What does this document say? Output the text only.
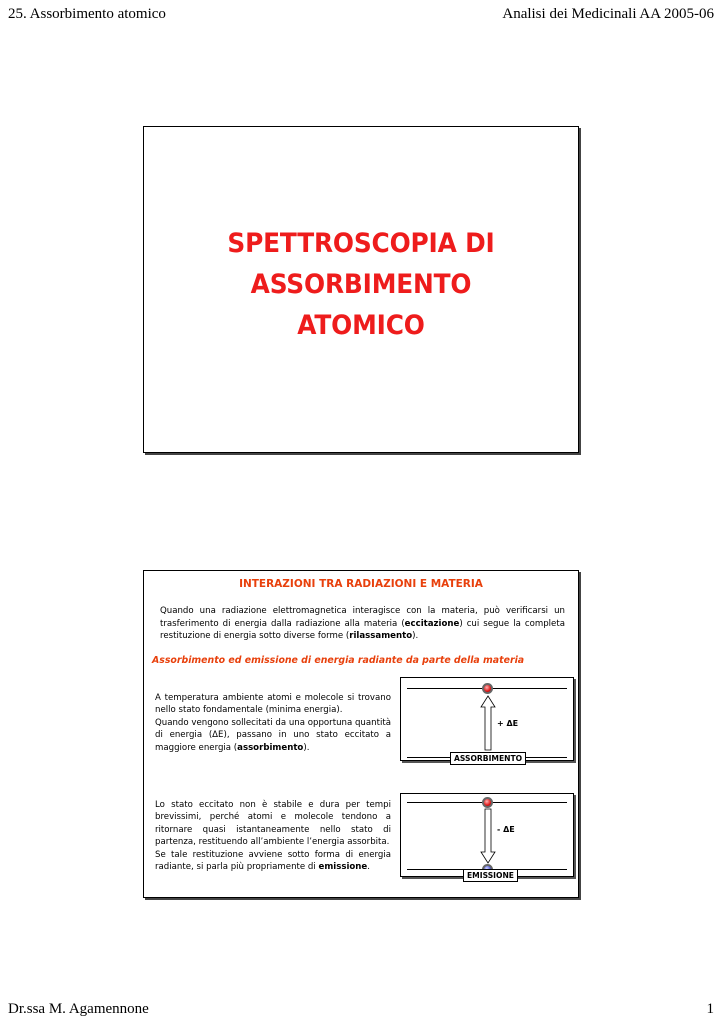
25. Assorbimento atomico	Analisi dei Medicinali AA 2005-06
SPETTROSCOPIA DI
ASSORBIMENTO
ATOMICO
INTERAZIONI TRA RADIAZIONI E MATERIA
Quando una radiazione elettromagnetica interagisce con la materia, può verificarsi un trasferimento di energia dalla radiazione alla materia (eccitazione) cui segue la completa restituzione di energia sotto diverse forme (rilassamento).
Assorbimento ed emissione di energia radiante da parte della materia
A temperatura ambiente atomi e molecole si trovano nello stato fondamentale (minima energia).
Quando vengono sollecitati da una opportuna quantità di energia (ΔE), passano in uno stato eccitato a maggiore energia (assorbimento).
+ ΔE
ASSORBIMENTO
Lo stato eccitato non è stabile e dura per tempi brevissimi, perché atomi e molecole tendono a ritornare quasi istantaneamente nello stato di partenza, restituendo all’ambiente l’energia assorbita.
Se tale restituzione avviene sotto forma di energia radiante, si parla più propriamente di emissione.
- ΔE
EMISSIONE
Dr.ssa M. Agamennone	1
